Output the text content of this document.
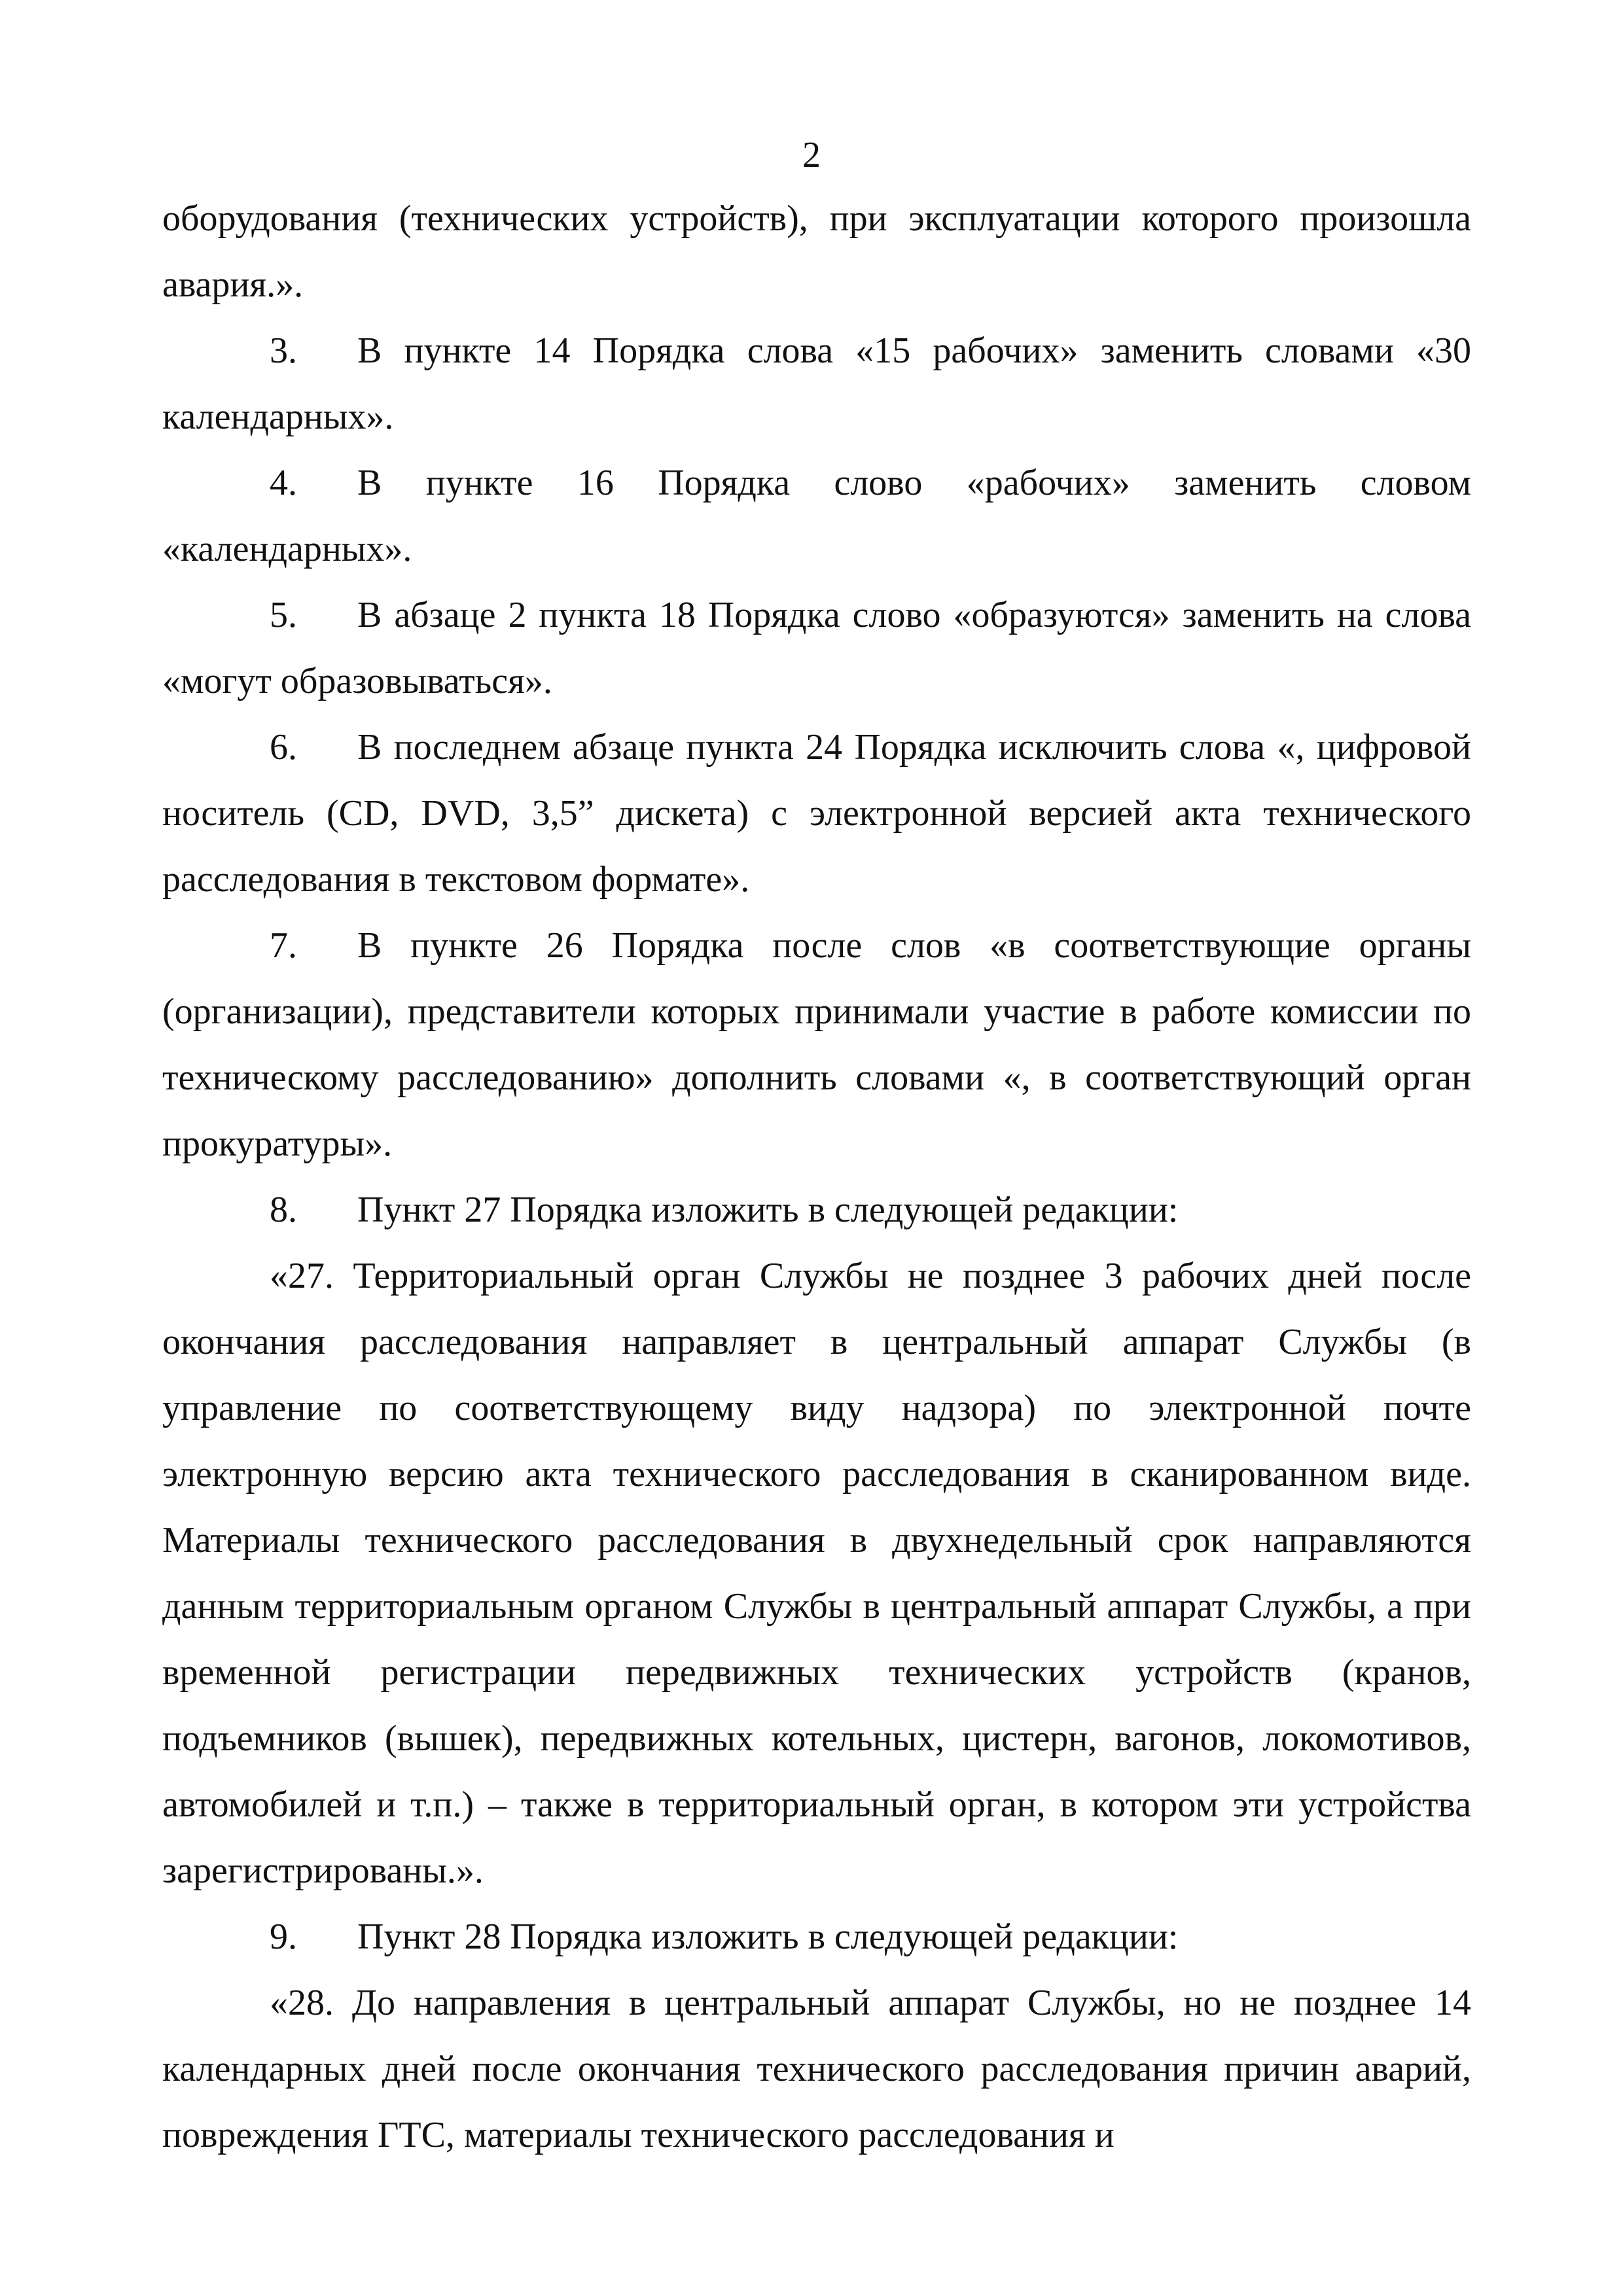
2

оборудования (технических устройств), при эксплуатации которого произошла авария.».

3. В пункте 14 Порядка слова «15 рабочих» заменить словами «30 календарных».

4. В пункте 16 Порядка слово «рабочих» заменить словом «календарных».

5. В абзаце 2 пункта 18 Порядка слово «образуются» заменить на слова «могут образовываться».

6. В последнем абзаце пункта 24 Порядка исключить слова «, цифровой носитель (CD, DVD, 3,5” дискета) с электронной версией акта технического расследования в текстовом формате».

7. В пункте 26 Порядка после слов «в соответствующие органы (организации), представители которых принимали участие в работе комиссии по техническому расследованию» дополнить словами «, в соответствующий орган прокуратуры».

8. Пункт 27 Порядка изложить в следующей редакции:

«27. Территориальный орган Службы не позднее 3 рабочих дней после окончания расследования направляет в центральный аппарат Службы (в управление по соответствующему виду надзора) по электронной почте электронную версию акта технического расследования в сканированном виде. Материалы технического расследования в двухнедельный срок направляются данным территориальным органом Службы в центральный аппарат Службы, а при временной регистрации передвижных технических устройств (кранов, подъемников (вышек), передвижных котельных, цистерн, вагонов, локомотивов, автомобилей и т.п.) – также в территориальный орган, в котором эти устройства зарегистрированы.».

9. Пункт 28 Порядка изложить в следующей редакции:

«28. До направления в центральный аппарат Службы, но не позднее 14 календарных дней после окончания технического расследования причин аварий, повреждения ГТС, материалы технического расследования и
